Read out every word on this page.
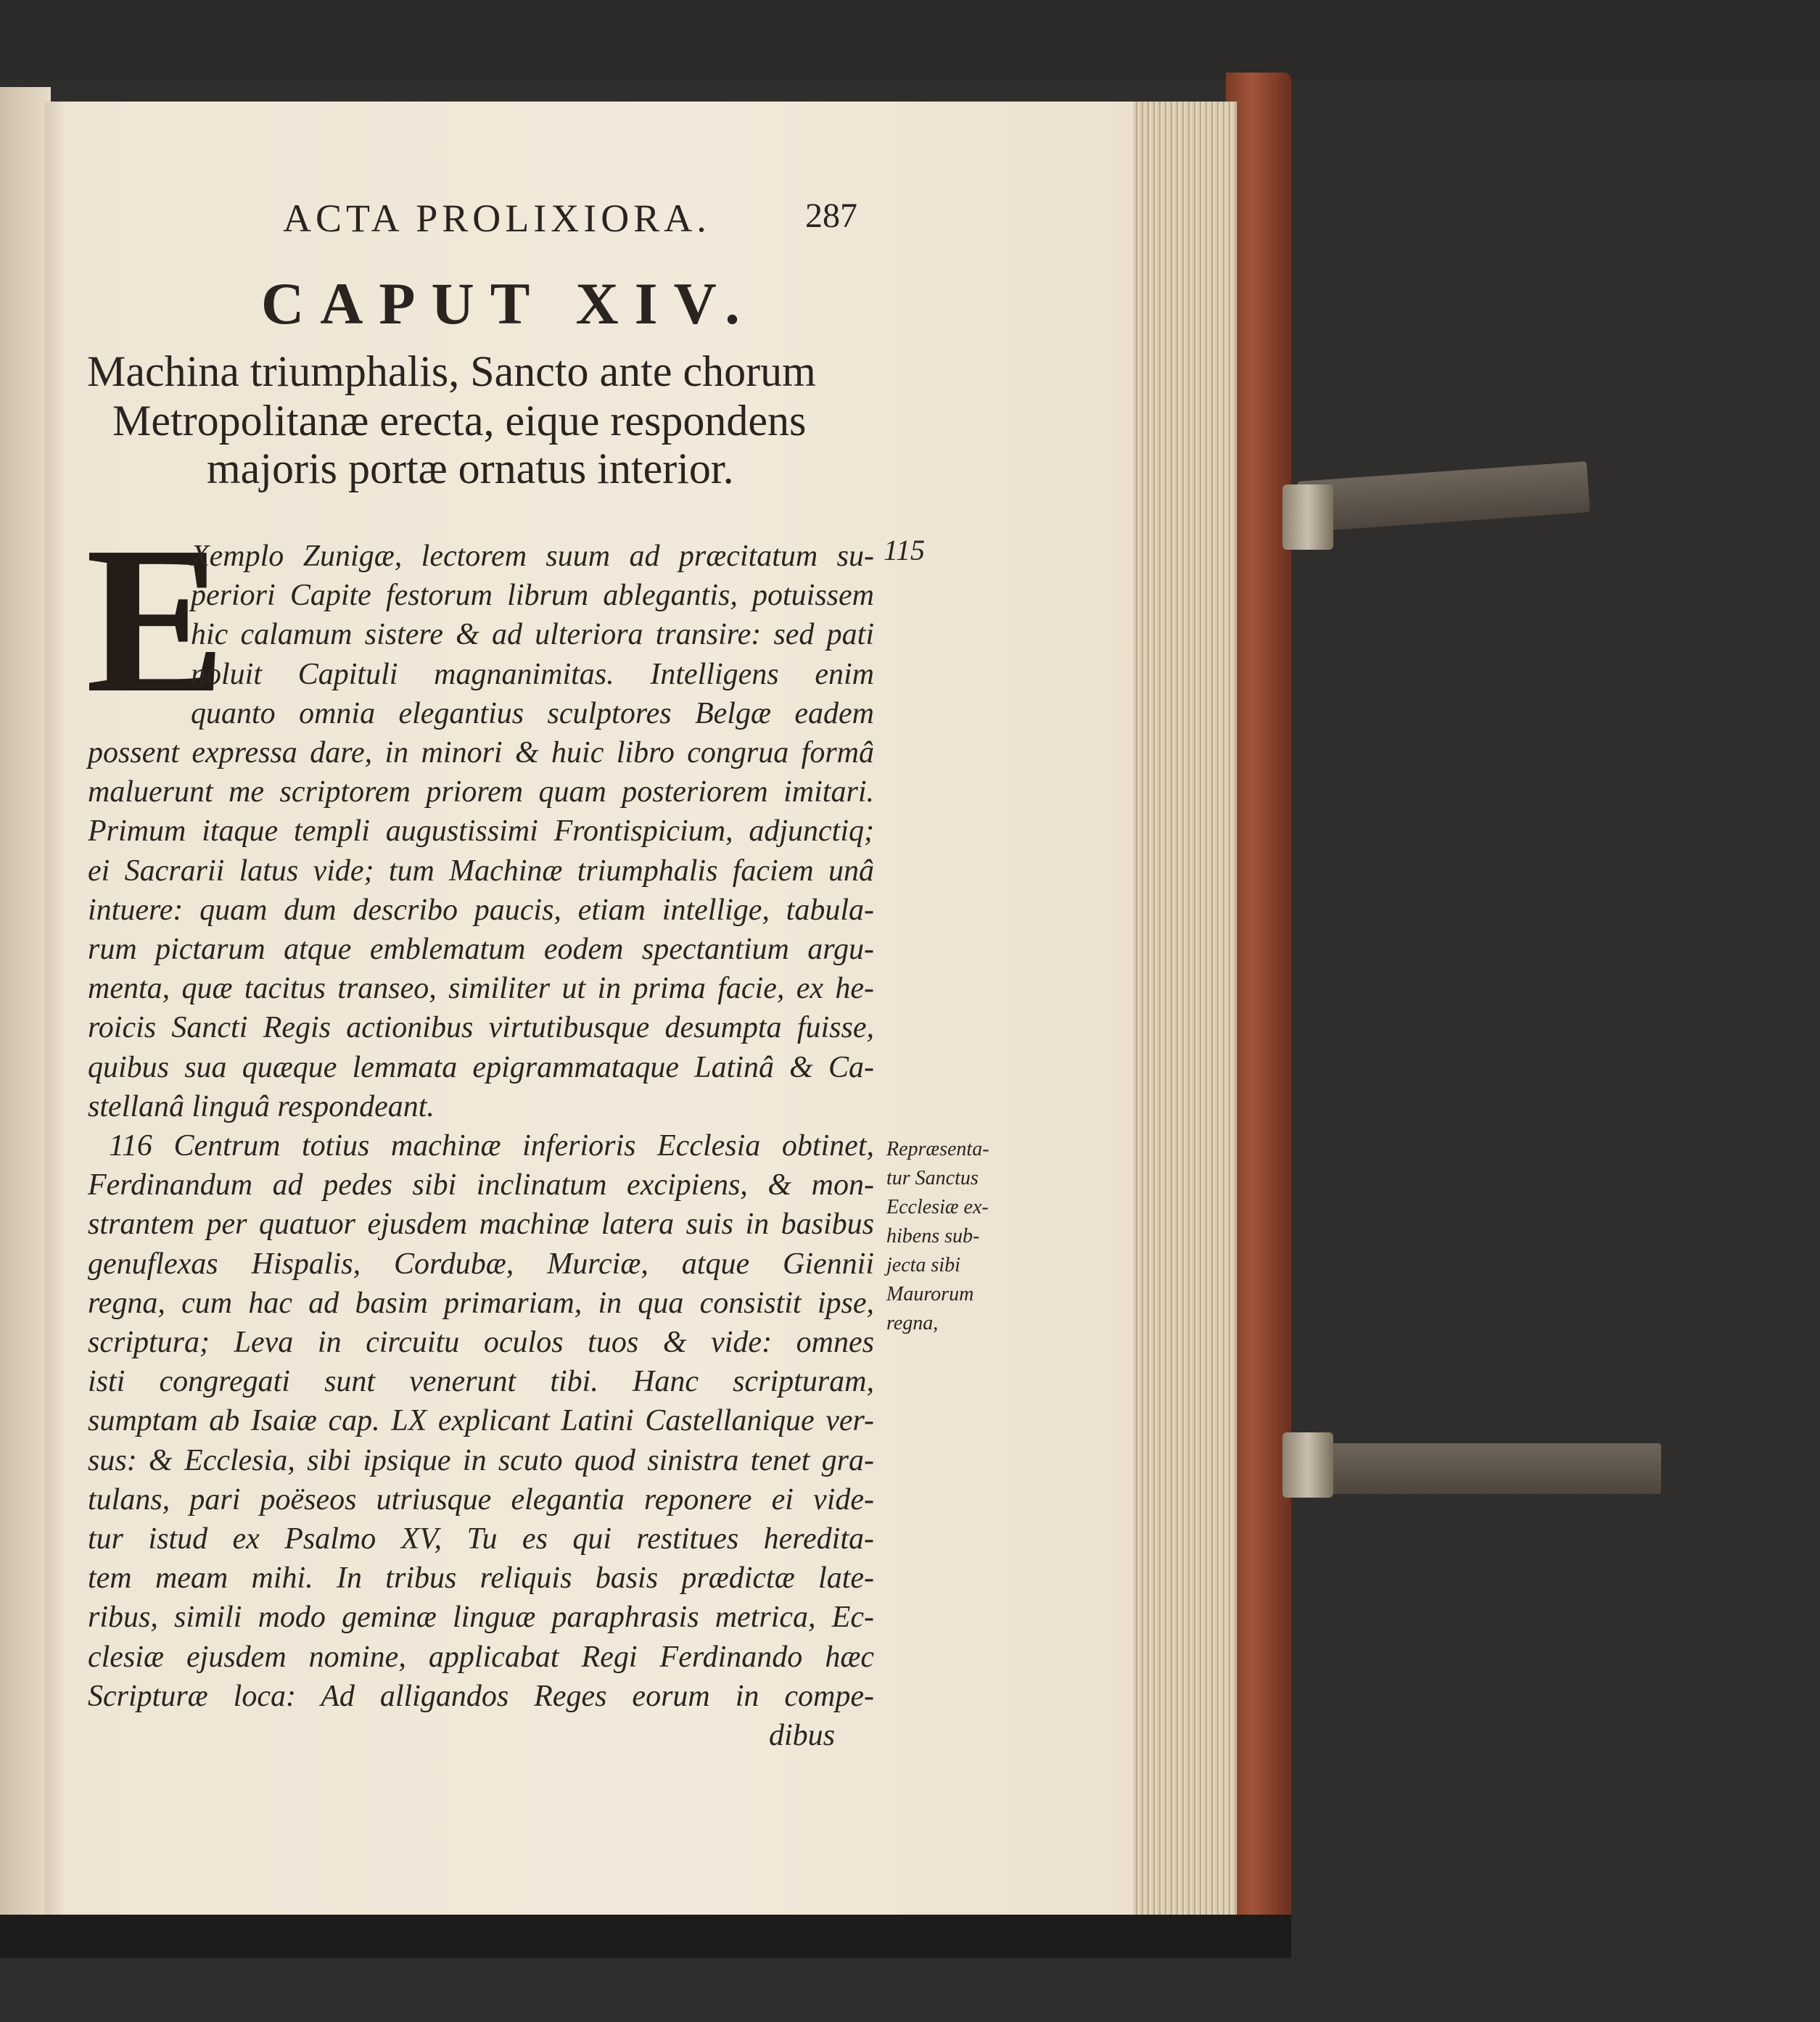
ACTA PROLIXIORA.	287
CAPUT XIV.
Machina triumphalis, Sancto ante chorum
Metropolitanæ erecta, eique respondens
majoris portæ ornatus interior.
E
Xemplo Zunigæ, lectorem suum ad præcitatum su-
periori Capite festorum librum ablegantis, potuissem
hic calamum sistere & ad ulteriora transire: sed pati
noluit Capituli magnanimitas. Intelligens enim
quanto omnia elegantius sculptores Belgæ eadem
possent expressa dare, in minori & huic libro congrua formâ
maluerunt me scriptorem priorem quam posteriorem imitari.
Primum itaque templi augustissimi Frontispicium, adjunctiq;
ei Sacrarii latus vide; tum Machinæ triumphalis faciem unâ
intuere: quam dum describo paucis, etiam intellige, tabula-
rum pictarum atque emblematum eodem spectantium argu-
menta, quæ tacitus transeo, similiter ut in prima facie, ex he-
roicis Sancti Regis actionibus virtutibusque desumpta fuisse,
quibus sua quæque lemmata epigrammataque Latinâ & Ca-
stellanâ linguâ respondeant.
116 Centrum totius machinæ inferioris Ecclesia obtinet,
Ferdinandum ad pedes sibi inclinatum excipiens, & mon-
strantem per quatuor ejusdem machinæ latera suis in basibus
genuflexas Hispalis, Cordubæ, Murciæ, atque Giennii
regna, cum hac ad basim primariam, in qua consistit ipse,
scriptura; Leva in circuitu oculos tuos & vide: omnes
isti congregati sunt venerunt tibi. Hanc scripturam,
sumptam ab Isaiæ cap. LX explicant Latini Castellanique ver-
sus: & Ecclesia, sibi ipsique in scuto quod sinistra tenet gra-
tulans, pari poëseos utriusque elegantia reponere ei vide-
tur istud ex Psalmo XV, Tu es qui restitues hereditа-
tem meam mihi. In tribus reliquis basis prædictæ late-
ribus, simili modo geminæ linguæ paraphrasis metrica, Ec-
clesiæ ejusdem nomine, applicabat Regi Ferdinando hæc
Scripturæ loca: Ad alligandos Reges eorum in compe-
dibus
115
Repræsenta-
tur Sanctus
Ecclesiæ ex-
hibens sub-
jecta sibi
Maurorum
regna,
